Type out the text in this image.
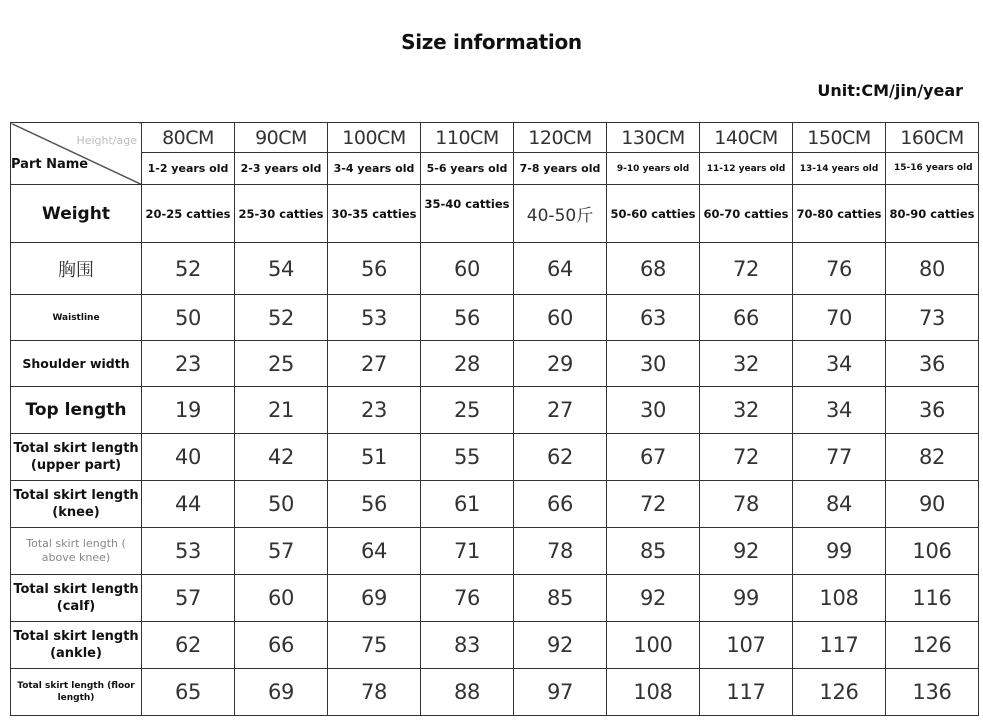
Size information
Unit:CM/jin/year
Height/age
Part Name	80CM	90CM	100CM	110CM	120CM	130CM	140CM	150CM	160CM
	1-2 years old	2-3 years old	3-4 years old	5-6 years old	7-8 years old	9-10 years old	11-12 years old	13-14 years old	15-16 years old
Weight	20-25 catties	25-30 catties	30-35 catties	35-40 catties	40-50斤	50-60 catties	60-70 catties	70-80 catties	80-90 catties
胸围	52	54	56	60	64	68	72	76	80
Waistline	50	52	53	56	60	63	66	70	73
Shoulder width	23	25	27	28	29	30	32	34	36
Top length	19	21	23	25	27	30	32	34	36
Total skirt length (upper part)	40	42	51	55	62	67	72	77	82
Total skirt length (knee)	44	50	56	61	66	72	78	84	90
Total skirt length ( above knee)	53	57	64	71	78	85	92	99	106
Total skirt length (calf)	57	60	69	76	85	92	99	108	116
Total skirt length (ankle)	62	66	75	83	92	100	107	117	126
Total skirt length (floor length)	65	69	78	88	97	108	117	126	136
